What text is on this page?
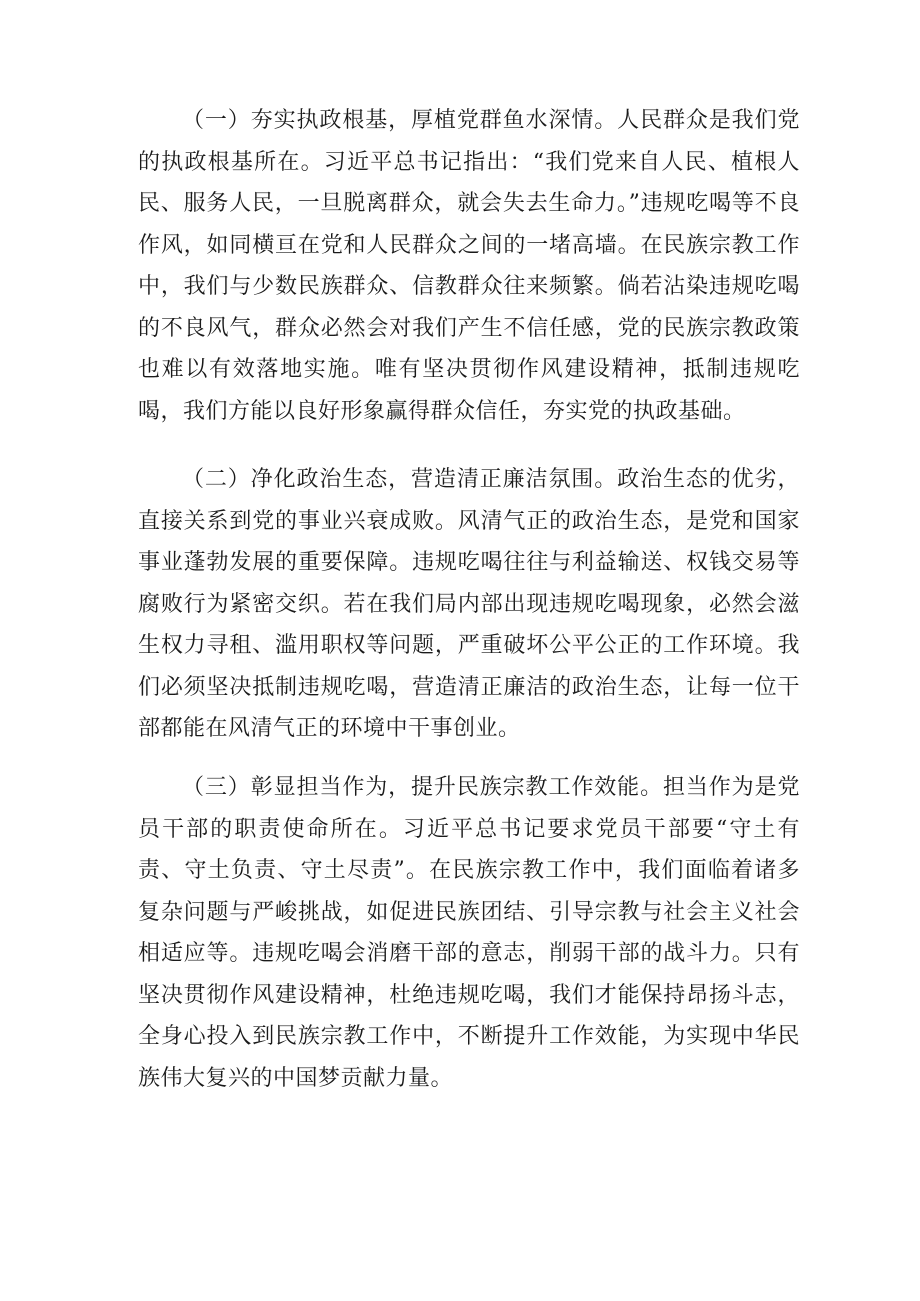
（一）夯实执政根基，厚植党群鱼水深情。人民群众是我们党的执政根基所在。习近平总书记指出：“我们党来自人民、植根人民、服务人民，一旦脱离群众，就会失去生命力。”违规吃喝等不良作风，如同横亘在党和人民群众之间的一堵高墙。在民族宗教工作中，我们与少数民族群众、信教群众往来频繁。倘若沾染违规吃喝的不良风气，群众必然会对我们产生不信任感，党的民族宗教政策也难以有效落地实施。唯有坚决贯彻作风建设精神，抵制违规吃喝，我们方能以良好形象赢得群众信任，夯实党的执政基础。

（二）净化政治生态，营造清正廉洁氛围。政治生态的优劣，直接关系到党的事业兴衰成败。风清气正的政治生态，是党和国家事业蓬勃发展的重要保障。违规吃喝往往与利益输送、权钱交易等腐败行为紧密交织。若在我们局内部出现违规吃喝现象，必然会滋生权力寻租、滥用职权等问题，严重破坏公平公正的工作环境。我们必须坚决抵制违规吃喝，营造清正廉洁的政治生态，让每一位干部都能在风清气正的环境中干事创业。

（三）彰显担当作为，提升民族宗教工作效能。担当作为是党员干部的职责使命所在。习近平总书记要求党员干部要“守土有责、守土负责、守土尽责”。在民族宗教工作中，我们面临着诸多复杂问题与严峻挑战，如促进民族团结、引导宗教与社会主义社会相适应等。违规吃喝会消磨干部的意志，削弱干部的战斗力。只有坚决贯彻作风建设精神，杜绝违规吃喝，我们才能保持昂扬斗志，全身心投入到民族宗教工作中，不断提升工作效能，为实现中华民族伟大复兴的中国梦贡献力量。
